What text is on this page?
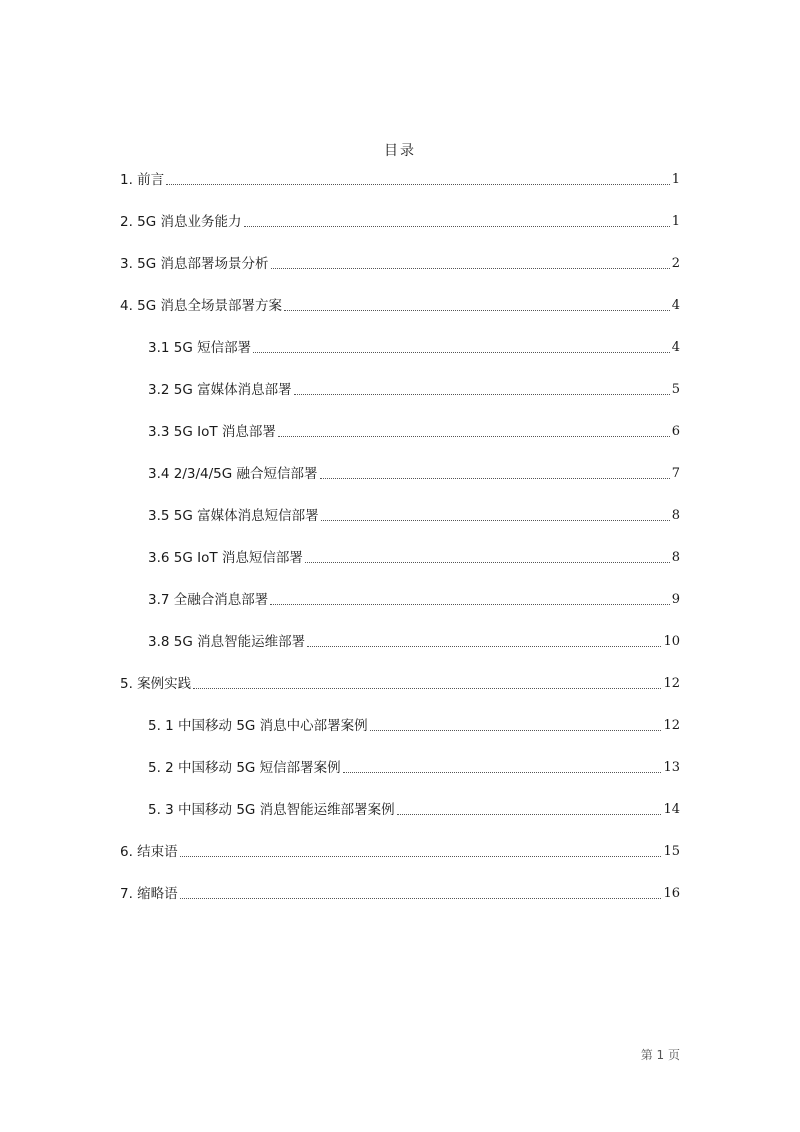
目录
1. 前言	1
2. 5G 消息业务能力	1
3. 5G 消息部署场景分析	2
4. 5G 消息全场景部署方案	4
3.1 5G 短信部署	4
3.2 5G 富媒体消息部署	5
3.3 5G IoT 消息部署	6
3.4 2/3/4/5G 融合短信部署	7
3.5 5G 富媒体消息短信部署	8
3.6 5G IoT 消息短信部署	8
3.7 全融合消息部署	9
3.8 5G 消息智能运维部署	10
5. 案例实践	12
5. 1 中国移动 5G 消息中心部署案例	12
5. 2 中国移动 5G 短信部署案例	13
5. 3 中国移动 5G 消息智能运维部署案例	14
6. 结束语	15
7. 缩略语	16
第 1 页
